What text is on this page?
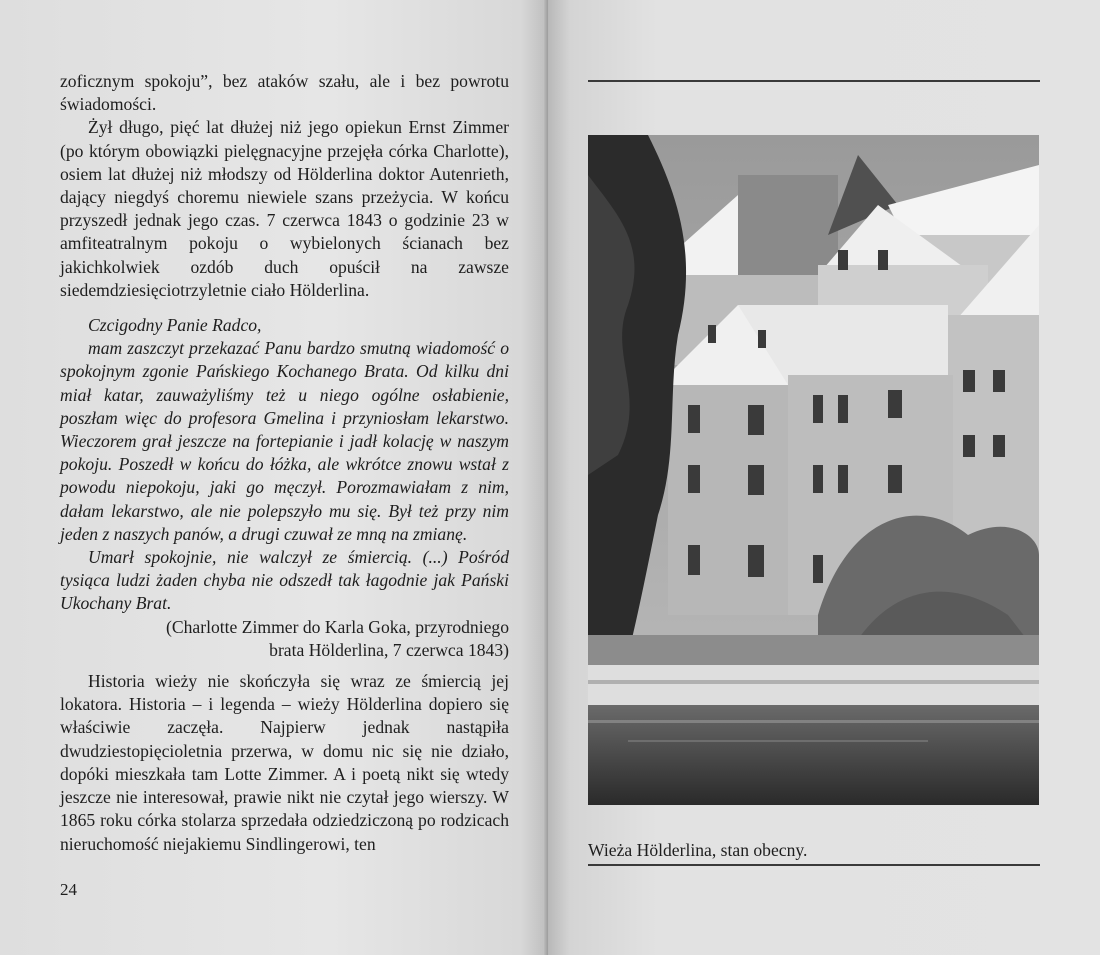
zoficznym spokoju”, bez ataków szału, ale i bez powrotu świadomości.

Żył długo, pięć lat dłużej niż jego opiekun Ernst Zimmer (po którym obowiązki pielęgnacyjne przejęła córka Charlotte), osiem lat dłużej niż młodszy od Hölderlina doktor Autenrieth, dający niegdyś choremu niewiele szans przeżycia. W końcu przyszedł jednak jego czas. 7 czerwca 1843 o godzinie 23 w amfiteatralnym pokoju o wybielonych ścianach bez jakichkolwiek ozdób duch opuścił na zawsze siedemdziesięciotrzyletnie ciało Hölderlina.

Czcigodny Panie Radco,

mam zaszczyt przekazać Panu bardzo smutną wiadomość o spokojnym zgonie Pańskiego Kochanego Brata. Od kilku dni miał katar, zauważyliśmy też u niego ogólne osłabienie, poszłam więc do profesora Gmelina i przyniosłam lekarstwo. Wieczorem grał jeszcze na fortepianie i jadł kolację w naszym pokoju. Poszedł w końcu do łóżka, ale wkrótce znowu wstał z powodu niepokoju, jaki go męczył. Porozmawiałam z nim, dałam lekarstwo, ale nie polepszyło mu się. Był też przy nim jeden z naszych panów, a drugi czuwał ze mną na zmianę.

Umarł spokojnie, nie walczył ze śmiercią. (...) Pośród tysiąca ludzi żaden chyba nie odszedł tak łagodnie jak Pański Ukochany Brat.

(Charlotte Zimmer do Karla Goka, przyrodniego
brata Hölderlina, 7 czerwca 1843)

Historia wieży nie skończyła się wraz ze śmiercią jej lokatora. Historia – i legenda – wieży Hölderlina dopiero się właściwie zaczęła. Najpierw jednak nastąpiła dwudziestopięcioletnia przerwa, w domu nic się nie działo, dopóki mieszkała tam Lotte Zimmer. A i poetą nikt się wtedy jeszcze nie interesował, prawie nikt nie czytał jego wierszy. W 1865 roku córka stolarza sprzedała odziedziczoną po rodzicach nieruchomość niejakiemu Sindlingerowi, ten

24
Wieża Hölderlina, stan obecny.
